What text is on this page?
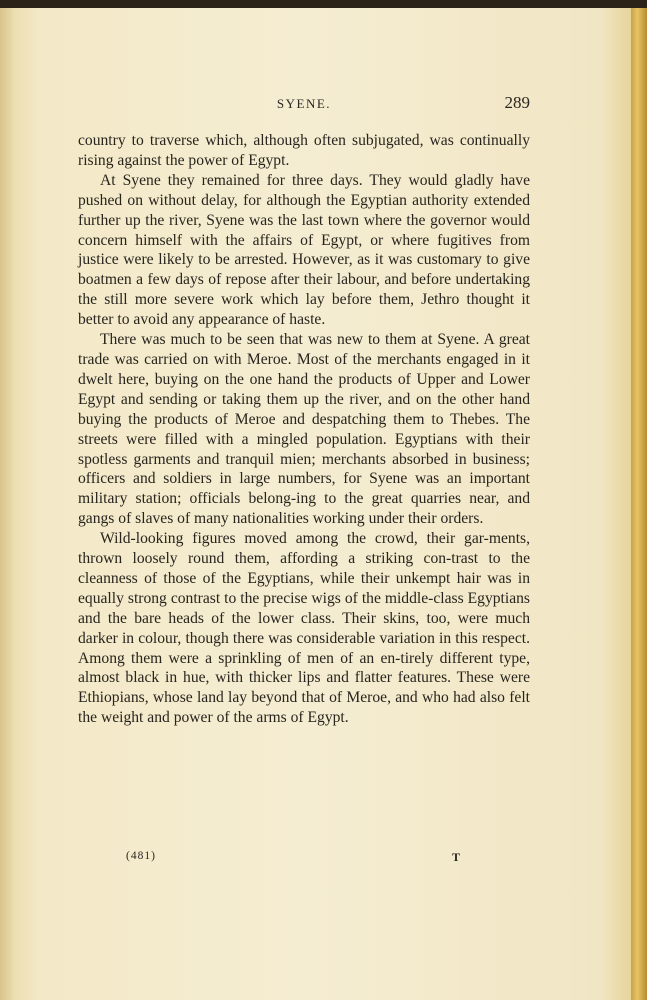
SYENE.	289

country to traverse which, although often subjugated, was continually rising against the power of Egypt.

At Syene they remained for three days. They would gladly have pushed on without delay, for although the Egyptian authority extended further up the river, Syene was the last town where the governor would concern himself with the affairs of Egypt, or where fugitives from justice were likely to be arrested. However, as it was customary to give boatmen a few days of repose after their labour, and before undertaking the still more severe work which lay before them, Jethro thought it better to avoid any appearance of haste.

There was much to be seen that was new to them at Syene. A great trade was carried on with Meroe. Most of the merchants engaged in it dwelt here, buying on the one hand the products of Upper and Lower Egypt and sending or taking them up the river, and on the other hand buying the products of Meroe and despatching them to Thebes. The streets were filled with a mingled population. Egyptians with their spotless garments and tranquil mien; merchants absorbed in business; officers and soldiers in large numbers, for Syene was an important military station; officials belong-ing to the great quarries near, and gangs of slaves of many nationalities working under their orders.

Wild-looking figures moved among the crowd, their gar-ments, thrown loosely round them, affording a striking con-trast to the cleanness of those of the Egyptians, while their unkempt hair was in equally strong contrast to the precise wigs of the middle-class Egyptians and the bare heads of the lower class. Their skins, too, were much darker in colour, though there was considerable variation in this respect. Among them were a sprinkling of men of an en-tirely different type, almost black in hue, with thicker lips and flatter features. These were Ethiopians, whose land lay beyond that of Meroe, and who had also felt the weight and power of the arms of Egypt.

(481)	T
